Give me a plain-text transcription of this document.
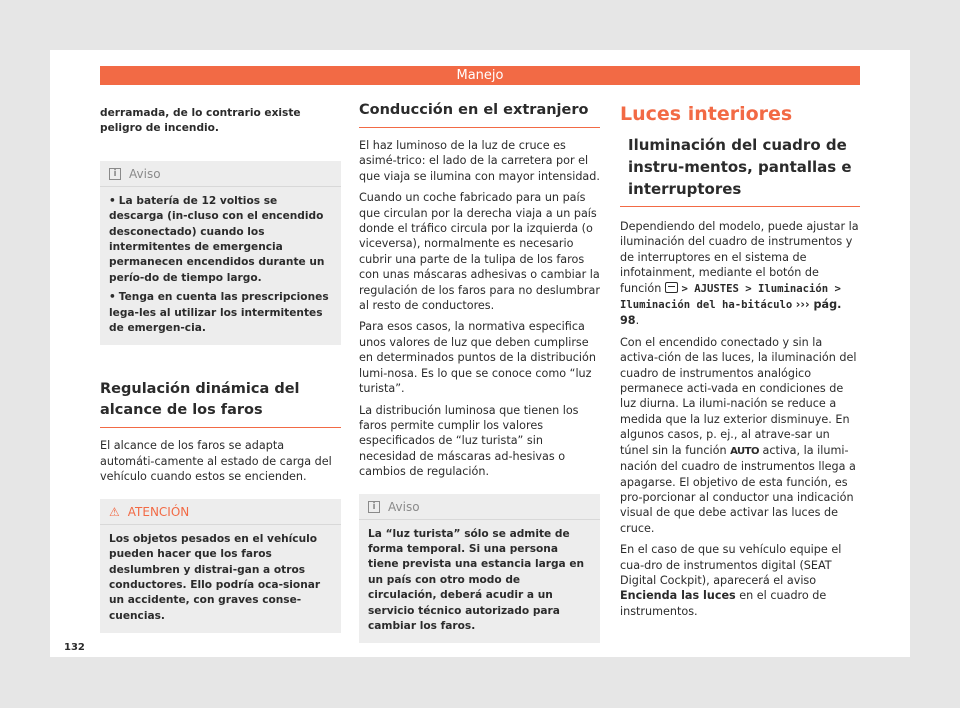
Manejo

derramada, de lo contrario existe peligro de incendio.

i	Aviso

• La batería de 12 voltios se descarga (in-cluso con el encendido desconectado) cuando los intermitentes de emergencia permanecen encendidos durante un perío-do de tiempo largo.

• Tenga en cuenta las prescripciones lega-les al utilizar los intermitentes de emergen-cia.

Regulación dinámica del alcance de los faros

El alcance de los faros se adapta automáti-camente al estado de carga del vehículo cuando estos se encienden.

⚠ ATENCIÓN

Los objetos pesados en el vehículo pueden hacer que los faros deslumbren y distrai-gan a otros conductores. Ello podría oca-sionar un accidente, con graves conse-cuencias.

Conducción en el extranjero

El haz luminoso de la luz de cruce es asimé-trico: el lado de la carretera por el que viaja se ilumina con mayor intensidad.

Cuando un coche fabricado para un país que circulan por la derecha viaja a un país donde el tráfico circula por la izquierda (o viceversa), normalmente es necesario cubrir una parte de la tulipa de los faros con unas máscaras adhesivas o cambiar la regulación de los faros para no deslumbrar al resto de conductores.

Para esos casos, la normativa especifica unos valores de luz que deben cumplirse en determinados puntos de la distribución lumi-nosa. Es lo que se conoce como “luz turista”.

La distribución luminosa que tienen los faros permite cumplir los valores especificados de “luz turista” sin necesidad de máscaras ad-hesivas o cambios de regulación.

i	Aviso

La “luz turista” sólo se admite de forma temporal. Si una persona tiene prevista una estancia larga en un país con otro modo de circulación, deberá acudir a un servicio técnico autorizado para cambiar los faros.

Luces interiores
Iluminación del cuadro de instru-mentos, pantallas e interruptores

Dependiendo del modelo, puede ajustar la iluminación del cuadro de instrumentos y de interruptores en el sistema de infotainment, mediante el botón de función > AJUSTES > Iluminación > Iluminación del ha-bitáculo ››› pág. 98.

Con el encendido conectado y sin la activa-ción de las luces, la iluminación del cuadro de instrumentos analógico permanece acti-vada en condiciones de luz diurna. La ilumi-nación se reduce a medida que la luz exterior disminuye. En algunos casos, p. ej., al atrave-sar un túnel sin la función AUTO activa, la ilumi-nación del cuadro de instrumentos llega a apagarse. El objetivo de esta función, es pro-porcionar al conductor una indicación visual de que debe activar las luces de cruce.

En el caso de que su vehículo equipe el cua-dro de instrumentos digital (SEAT Digital Cockpit), aparecerá el aviso Encienda las luces en el cuadro de instrumentos.

132
